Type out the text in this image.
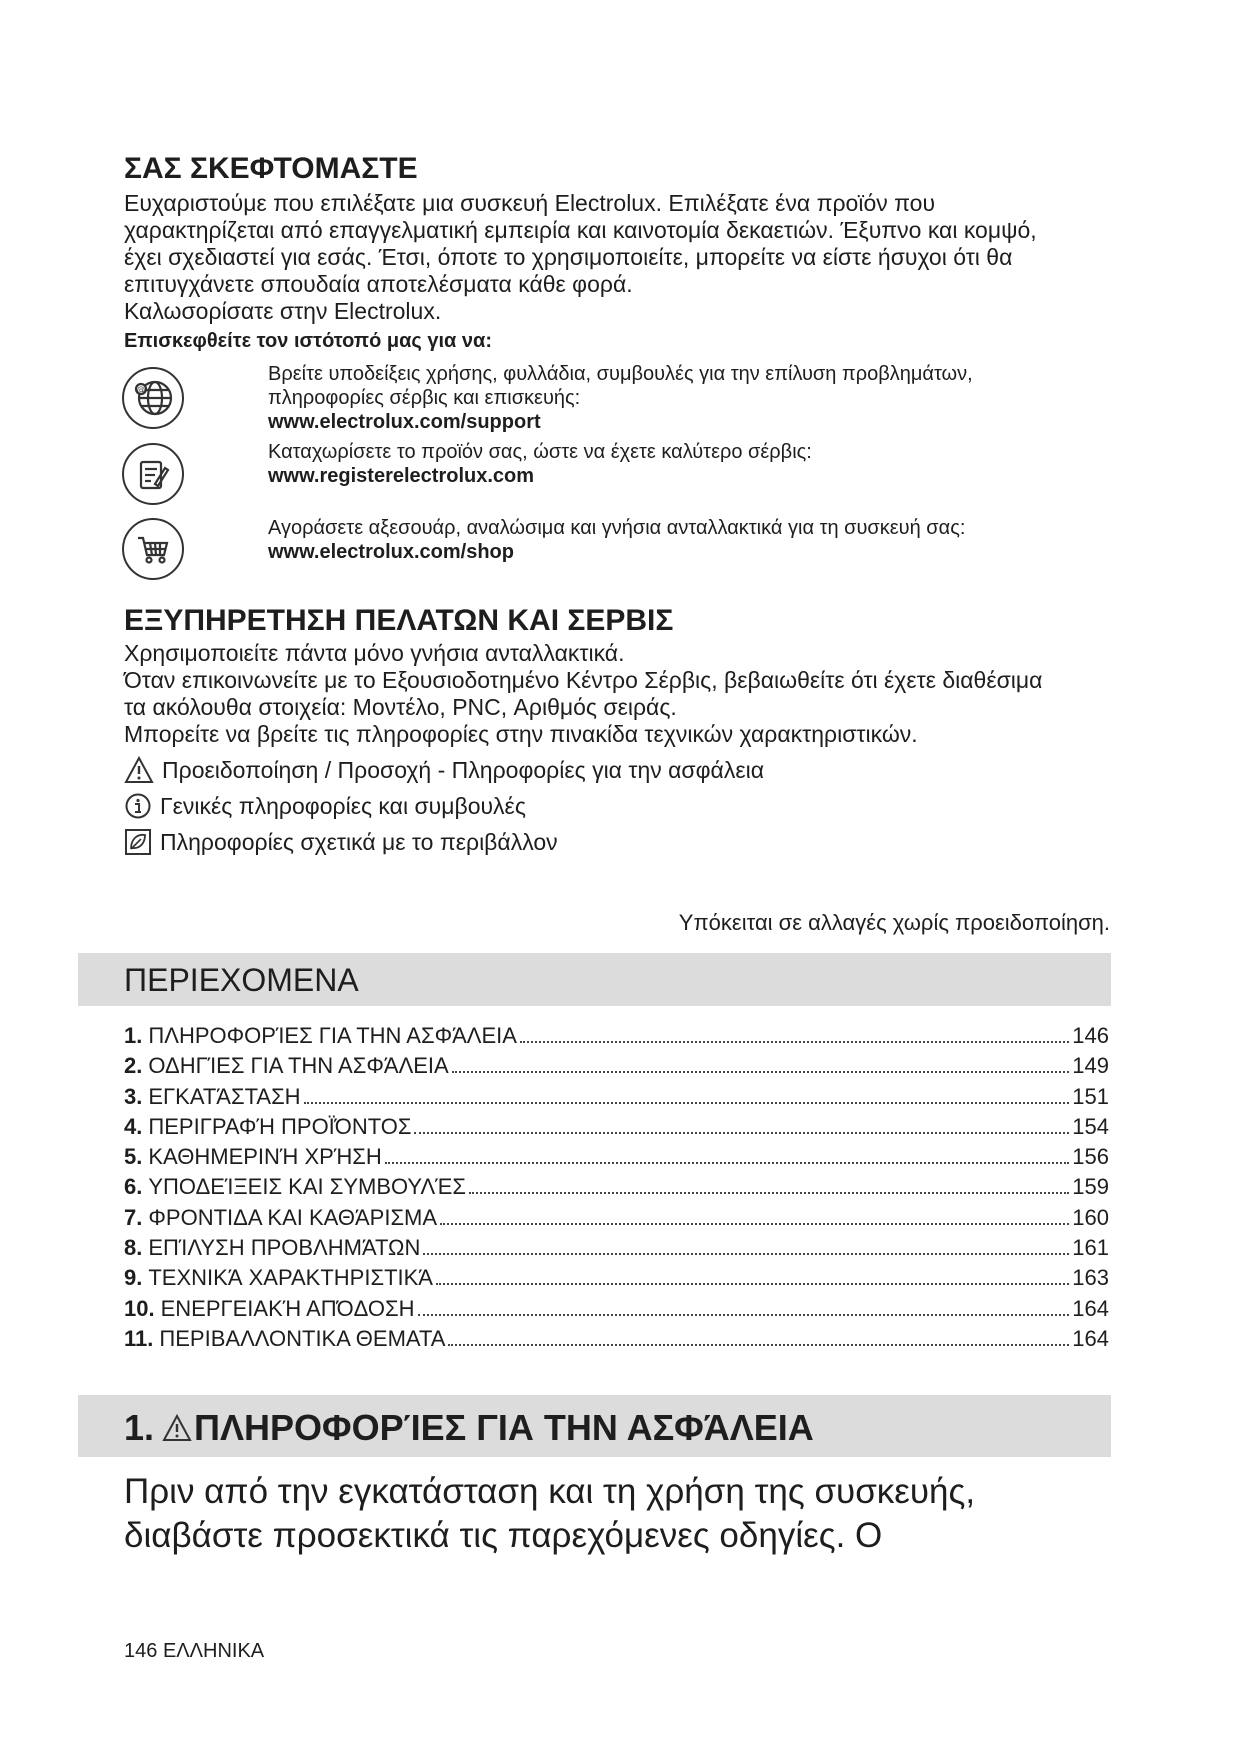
ΣΑΣ ΣΚΕΦΤΟΜΑΣΤΕ
Ευχαριστούμε που επιλέξατε μια συσκευή Electrolux. Επιλέξατε ένα προϊόν που
χαρακτηρίζεται από επαγγελματική εμπειρία και καινοτομία δεκαετιών. Έξυπνο και κομψό,
έχει σχεδιαστεί για εσάς. Έτσι, όποτε το χρησιμοποιείτε, μπορείτε να είστε ήσυχοι ότι θα
επιτυγχάνετε σπουδαία αποτελέσματα κάθε φορά.
Καλωσορίσατε στην Electrolux.
Επισκεφθείτε τον ιστότοπό μας για να:
@
Βρείτε υποδείξεις χρήσης, φυλλάδια, συμβουλές για την επίλυση προβλημάτων,
πληροφορίες σέρβις και επισκευής:
www.electrolux.com/support
Καταχωρίσετε το προϊόν σας, ώστε να έχετε καλύτερο σέρβις:
www.registerelectrolux.com
Αγοράσετε αξεσουάρ, αναλώσιμα και γνήσια ανταλλακτικά για τη συσκευή σας:
www.electrolux.com/shop
ΕΞΥΠΗΡΕΤΗΣΗ ΠΕΛΑΤΩΝ ΚΑΙ ΣΕΡΒΙΣ
Χρησιμοποιείτε πάντα μόνο γνήσια ανταλλακτικά.
Όταν επικοινωνείτε με το Εξουσιοδοτημένο Κέντρο Σέρβις, βεβαιωθείτε ότι έχετε διαθέσιμα
τα ακόλουθα στοιχεία: Μοντέλο, PNC, Αριθμός σειράς.
Μπορείτε να βρείτε τις πληροφορίες στην πινακίδα τεχνικών χαρακτηριστικών.
Προειδοποίηση / Προσοχή - Πληροφορίες για την ασφάλεια
Γενικές πληροφορίες και συμβουλές
Πληροφορίες σχετικά με το περιβάλλον
Υπόκειται σε αλλαγές χωρίς προειδοποίηση.
ΠΕΡΙΕΧΟΜΕΝΑ
1. ΠΛΗΡΟΦΟΡΊΕΣ ΓΙΑ ΤΗΝ ΑΣΦΆΛΕΙΑ	146
2. ΟΔΗΓΊΕΣ ΓΙΑ ΤΗΝ ΑΣΦΆΛΕΙΑ	149
3. ΕΓΚΑΤΆΣΤΑΣΗ	151
4. ΠΕΡΙΓΡΑΦΉ ΠΡΟΪΌΝΤΟΣ	154
5. ΚΑΘΗΜΕΡΙΝΉ ΧΡΉΣΗ	156
6. ΥΠΟΔΕΊΞΕΙΣ ΚΑΙ ΣΥΜΒΟΥΛΈΣ	159
7. ΦΡΟΝΤΙΔΑ ΚΑΙ ΚΑΘΆΡΙΣΜΑ	160
8. ΕΠΊΛΥΣΗ ΠΡΟΒΛΗΜΆΤΩΝ	161
9. ΤΕΧΝΙΚΆ ΧΑΡΑΚΤΗΡΙΣΤΙΚΆ	163
10. ΕΝΕΡΓΕΙΑΚΉ ΑΠΌΔΟΣΗ	164
11. ΠΕΡΙΒΑΛΛΟΝΤΙΚΑ ΘΕΜΑΤΑ	164
1. ΠΛΗΡΟΦΟΡΊΕΣ ΓΙΑ ΤΗΝ ΑΣΦΆΛΕΙΑ
Πριν από την εγκατάσταση και τη χρήση της συσκευής,
διαβάστε προσεκτικά τις παρεχόμενες οδηγίες. Ο
146 ΕΛΛΗΝΙΚΑ
